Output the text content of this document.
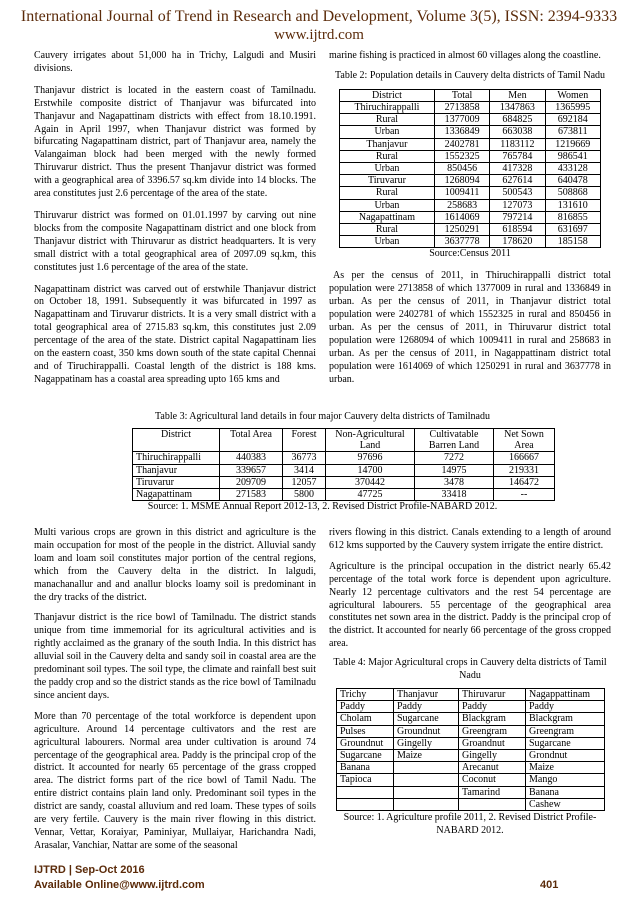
International Journal of Trend in Research and Development, Volume 3(5), ISSN: 2394-9333
www.ijtrd.com

Cauvery irrigates about 51,000 ha in Trichy, Lalgudi and Musiri divisions.

Thanjavur district is located in the eastern coast of Tamilnadu. Erstwhile composite district of Thanjavur was bifurcated into Thanjavur and Nagapattinam districts with effect from 18.10.1991. Again in April 1997, when Thanjavur district was formed by bifurcating Nagapattinam district, part of Thanjavur area, namely the Valangaiman block had been merged with the newly formed Thiruvarur district. Thus the present Thanjavur district was formed with a geographical area of 3396.57 sq.km divide into 14 blocks. The area constitutes just 2.6 percentage of the area of the state.

Thiruvarur district was formed on 01.01.1997 by carving out nine blocks from the composite Nagapattinam district and one block from Thanjavur district with Thiruvarur as district headquarters. It is very small district with a total geographical area of 2097.09 sq.km, this constitutes just 1.6 percentage of the area of the state.

Nagapattinam district was carved out of erstwhile Thanjavur district on October 18, 1991. Subsequently it was bifurcated in 1997 as Nagapattinam and Tiruvarur districts. It is a very small district with a total geographical area of 2715.83 sq.km, this constitutes just 2.09 percentage of the area of the state. District capital Nagapattinam lies on the eastern coast, 350 kms down south of the state capital Chennai and of Tiruchirappalli. Coastal length of the district is 188 kms. Nagappatinam has a coastal area spreading upto 165 kms and

marine fishing is practiced in almost 60 villages along the coastline.

Table 2: Population details in Cauvery delta districts of Tamil Nadu
District	Total	Men	Women
Thiruchirappalli	2713858	1347863	1365995
Rural	1377009	684825	692184
Urban	1336849	663038	673811
Thanjavur	2402781	1183112	1219669
Rural	1552325	765784	986541
Urban	850456	417328	433128
Tiruvarur	1268094	627614	640478
Rural	1009411	500543	508868
Urban	258683	127073	131610
Nagapattinam	1614069	797214	816855
Rural	1250291	618594	631697
Urban	3637778	178620	185158
Source:Census 2011

As per the census of 2011, in Thiruchirappalli district total population were 2713858 of which 1377009 in rural and 1336849 in urban. As per the census of 2011, in Thanjavur district total population were 2402781 of which 1552325 in rural and 850456 in urban. As per the census of 2011, in Thiruvarur district total population were 1268094 of which 1009411 in rural and 258683 in urban. As per the census of 2011, in Nagappattinam district total population were 1614069 of which 1250291 in rural and 3637778 in urban.

Table 3: Agricultural land details in four major Cauvery delta districts of Tamilnadu
District	Total Area	Forest	Non-Agricultural Land	Cultivatable Barren Land	Net Sown Area
Thiruchirappalli	440383	36773	97696	7272	166667
Thanjavur	339657	3414	14700	14975	219331
Tiruvarur	209709	12057	370442	3478	146472
Nagapattinam	271583	5800	47725	33418	--
Source: 1. MSME Annual Report 2012-13, 2. Revised District Profile-NABARD 2012.

Multi various crops are grown in this district and agriculture is the main occupation for most of the people in the district. Alluvial sandy loam and loam soil constitutes major portion of the central regions, which from the Cauvery delta in the district. In lalgudi, manachanallur and and anallur blocks loamy soil is predominant in the dry tracks of the district.

Thanjavur district is the rice bowl of Tamilnadu. The district stands unique from time immemorial for its agricultural activities and is rightly acclaimed as the granary of the south India. In this district has alluvial soil in the Cauvery delta and sandy soil in coastal area are the predominant soil types. The soil type, the climate and rainfall best suit the paddy crop and so the district stands as the rice bowl of Tamilnadu since ancient days.

More than 70 percentage of the total workforce is dependent upon agriculture. Around 14 percentage cultivators and the rest are agricultural labourers. Normal area under cultivation is around 74 percentage of the geographical area. Paddy is the principal crop of the district. It accounted for nearly 65 percentage of the grass cropped area. The district forms part of the rice bowl of Tamil Nadu. The entire district contains plain land only. Predominant soil types in the district are sandy, coastal alluvium and red loam. These types of soils are very fertile. Cauvery is the main river flowing in this district. Vennar, Vettar, Koraiyar, Paminiyar, Mullaiyar, Harichandra Nadi, Arasalar, Vanchiar, Nattar are some of the seasonal

rivers flowing in this district. Canals extending to a length of around 612 kms supported by the Cauvery system irrigate the entire district.

Agriculture is the principal occupation in the district nearly 65.42 percentage of the total work force is dependent upon agriculture. Nearly 12 percentage cultivators and the rest 54 percentage are agricultural labourers. 55 percentage of the geographical area constitutes net sown area in the district. Paddy is the principal crop of the district. It accounted for nearly 66 percentage of the gross cropped area.

Table 4: Major Agricultural crops in Cauvery delta districts of Tamil Nadu
Trichy	Thanjavur	Thiruvarur	Nagappattinam
Paddy	Paddy	Paddy	Paddy
Cholam	Sugarcane	Blackgram	Blackgram
Pulses	Groundnut	Greengram	Greengram
Groundnut	Gingelly	Groandnut	Sugarcane
Sugarcane	Maize	Gingelly	Grondnut
Banana		Arecanut	Maize
Tapioca		Coconut	Mango
		Tamarind	Banana
			Cashew
Source: 1. Agriculture profile 2011, 2. Revised District Profile-NABARD 2012.
IJTRD | Sep-Oct 2016
Available Online@www.ijtrd.com	401
